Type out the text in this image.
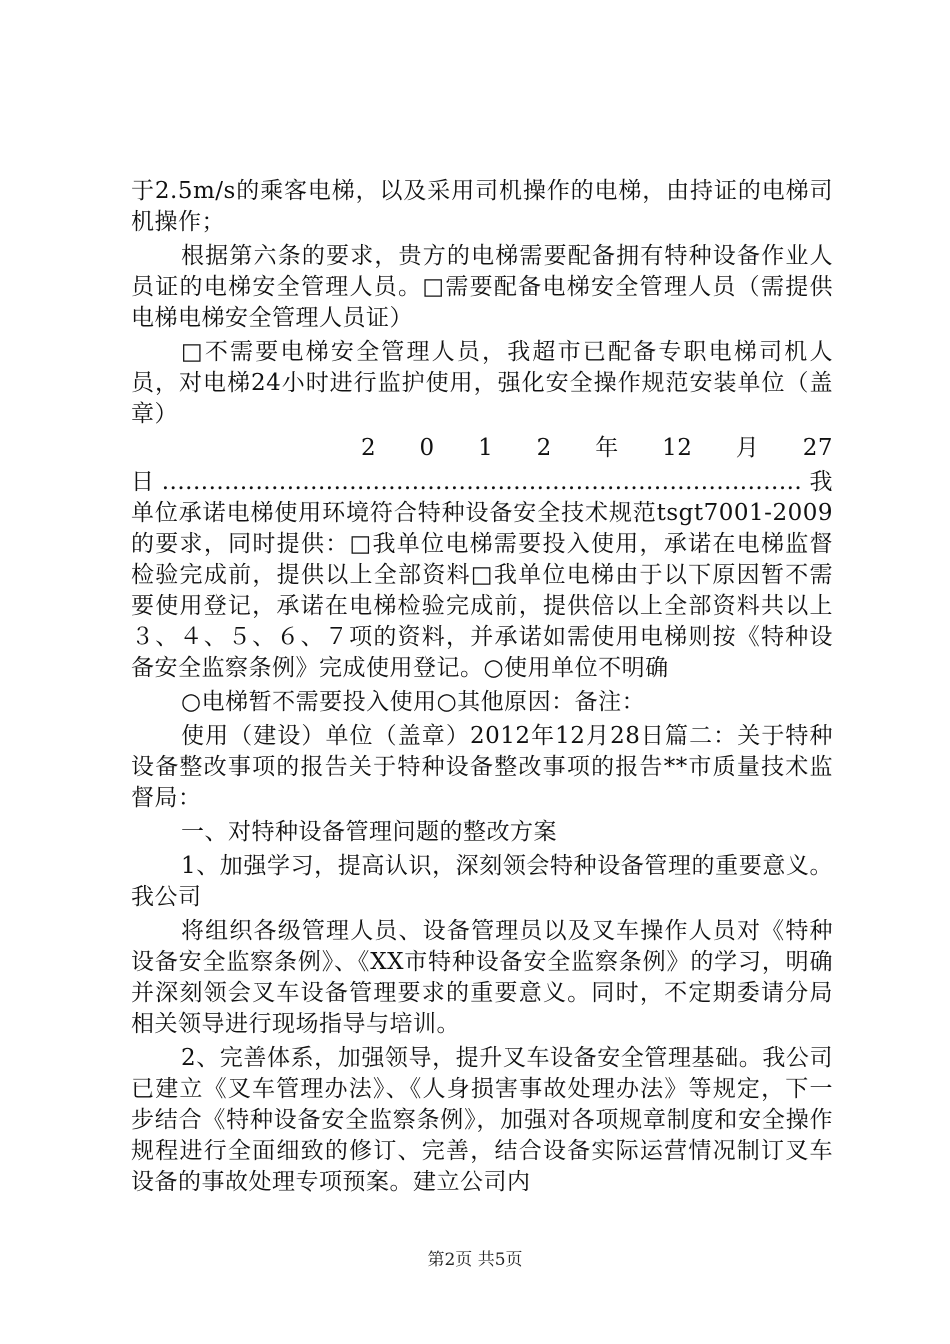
于2.5m/s的乘客电梯，以及采用司机操作的电梯，由持证的电梯司机操作；

根据第六条的要求，贵方的电梯需要配备拥有特种设备作业人员证的电梯安全管理人员。□需要配备电梯安全管理人员（需提供电梯电梯安全管理人员证）

□不需要电梯安全管理人员，我超市已配备专职电梯司机人员，对电梯24小时进行监护使用，强化安全操作规范安装单位（盖章）

2 0 1 2 年 12 月 27

日..................................................................................我单位承诺电梯使用环境符合特种设备安全技术规范tsgt7001-2009的要求，同时提供：□我单位电梯需要投入使用，承诺在电梯监督检验完成前，提供以上全部资料□我单位电梯由于以下原因暂不需要使用登记，承诺在电梯检验完成前，提供倍以上全部资料共以上３、４、５、６、７项的资料，并承诺如需使用电梯则按《特种设备安全监察条例》完成使用登记。○使用单位不明确

○电梯暂不需要投入使用○其他原因：备注：

使用（建设）单位（盖章）2012年12月28日篇二：关于特种设备整改事项的报告关于特种设备整改事项的报告**市质量技术监督局：

一、对特种设备管理问题的整改方案

1、加强学习，提高认识，深刻领会特种设备管理的重要意义。我公司

将组织各级管理人员、设备管理员以及叉车操作人员对《特种设备安全监察条例》、《XX市特种设备安全监察条例》的学习，明确并深刻领会叉车设备管理要求的重要意义。同时，不定期委请分局相关领导进行现场指导与培训。

2、完善体系，加强领导，提升叉车设备安全管理基础。我公司已建立《叉车管理办法》、《人身损害事故处理办法》等规定，下一步结合《特种设备安全监察条例》，加强对各项规章制度和安全操作规程进行全面细致的修订、完善，结合设备实际运营情况制订叉车设备的事故处理专项预案。建立公司内

第2页 共5页
